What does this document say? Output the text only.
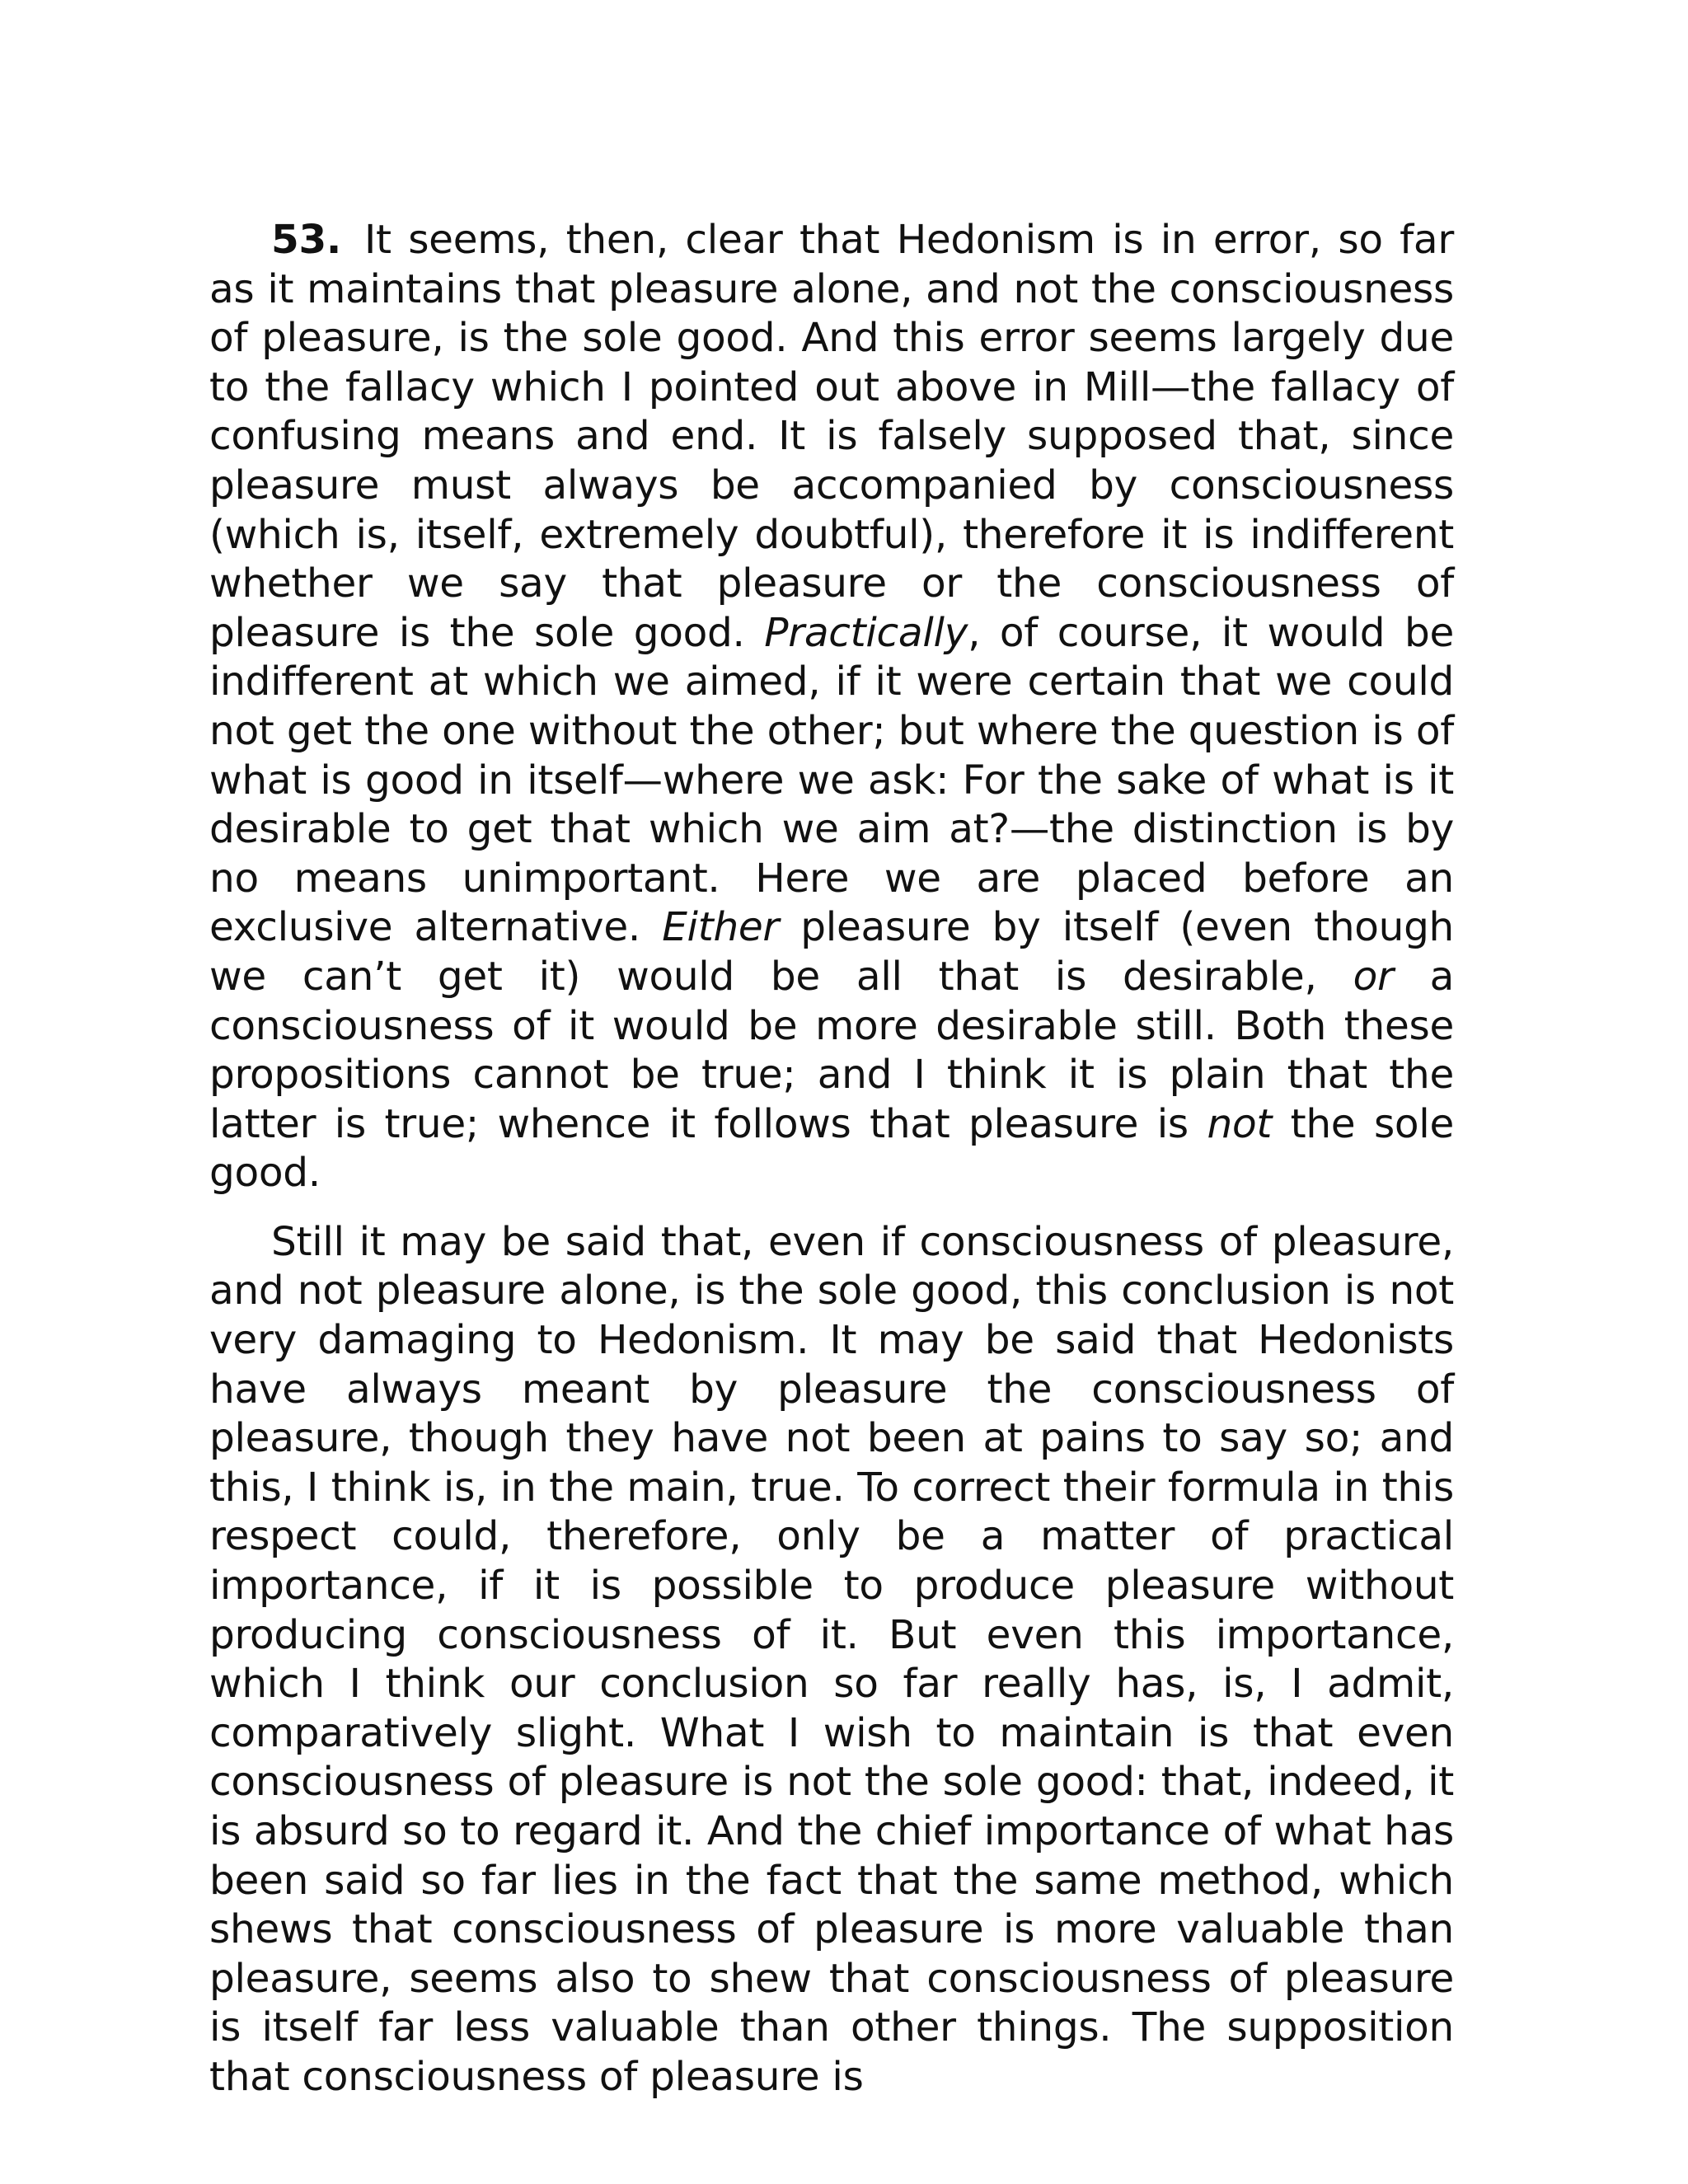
53. It seems, then, clear that Hedonism is in error, so far as it maintains that pleasure alone, and not the consciousness of pleasure, is the sole good. And this error seems largely due to the fallacy which I pointed out above in Mill—the fallacy of confusing means and end. It is falsely supposed that, since pleasure must always be accompanied by consciousness (which is, itself, extremely doubtful), therefore it is indifferent whether we say that pleasure or the consciousness of pleasure is the sole good. Practically, of course, it would be indifferent at which we aimed, if it were certain that we could not get the one without the other; but where the question is of what is good in itself—where we ask: For the sake of what is it desirable to get that which we aim at?—the distinction is by no means unimportant. Here we are placed before an exclusive alternative. Either pleasure by itself (even though we can’t get it) would be all that is desirable, or a consciousness of it would be more desirable still. Both these propositions cannot be true; and I think it is plain that the latter is true; whence it follows that pleasure is not the sole good.

Still it may be said that, even if consciousness of pleasure, and not pleasure alone, is the sole good, this conclusion is not very damaging to Hedonism. It may be said that Hedonists have always meant by pleasure the consciousness of pleasure, though they have not been at pains to say so; and this, I think is, in the main, true. To correct their formula in this respect could, therefore, only be a matter of practical importance, if it is possible to produce pleasure without producing consciousness of it. But even this importance, which I think our conclusion so far really has, is, I admit, comparatively slight. What I wish to maintain is that even consciousness of pleasure is not the sole good: that, indeed, it is absurd so to regard it. And the chief importance of what has been said so far lies in the fact that the same method, which shews that consciousness of pleasure is more valuable than pleasure, seems also to shew that consciousness of pleasure is itself far less valuable than other things. The supposition that consciousness of pleasure is
